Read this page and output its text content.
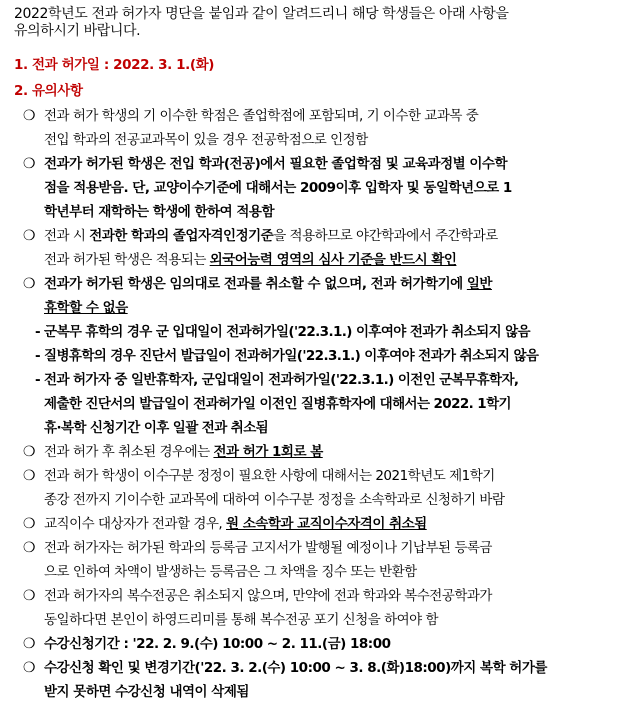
2022학년도 전과 허가자 명단을 붙임과 같이 알려드리니 해당 학생들은 아래 사항을
유의하시기 바랍니다.
1. 전과 허가일 : 2022. 3. 1.(화)
2. 유의사항
❍ 전과 허가 학생의 기 이수한 학점은 졸업학점에 포함되며, 기 이수한 교과목 중
전입 학과의 전공교과목이 있을 경우 전공학점으로 인정함
❍ 전과가 허가된 학생은 전입 학과(전공)에서 필요한 졸업학점 및 교육과정별 이수학
점을 적용받음. 단, 교양이수기준에 대해서는 2009이후 입학자 및 동일학년으로 1
학년부터 재학하는 학생에 한하여 적용함
❍ 전과 시 전과한 학과의 졸업자격인정기준을 적용하므로 야간학과에서 주간학과로
전과 허가된 학생은 적용되는 외국어능력 영역의 심사 기준을 반드시 확인
❍ 전과가 허가된 학생은 임의대로 전과를 취소할 수 없으며, 전과 허가학기에 일반
휴학할 수 없음
- 군복무 휴학의 경우 군 입대일이 전과허가일('22.3.1.) 이후여야 전과가 취소되지 않음
- 질병휴학의 경우 진단서 발급일이 전과허가일('22.3.1.) 이후여야 전과가 취소되지 않음
- 전과 허가자 중 일반휴학자, 군입대일이 전과허가일('22.3.1.) 이전인 군복무휴학자,
제출한 진단서의 발급일이 전과허가일 이전인 질병휴학자에 대해서는 2022. 1학기
휴·복학 신청기간 이후 일괄 전과 취소됨
❍ 전과 허가 후 취소된 경우에는 전과 허가 1회로 봄
❍ 전과 허가 학생이 이수구분 정정이 필요한 사항에 대해서는 2021학년도 제1학기
종강 전까지 기이수한 교과목에 대하여 이수구분 정정을 소속학과로 신청하기 바람
❍ 교직이수 대상자가 전과할 경우, 원 소속학과 교직이수자격이 취소됨
❍ 전과 허가자는 허가된 학과의 등록금 고지서가 발행될 예정이나 기납부된 등록금
으로 인하여 차액이 발생하는 등록금은 그 차액을 징수 또는 반환함
❍ 전과 허가자의 복수전공은 취소되지 않으며, 만약에 전과 학과와 복수전공학과가
동일하다면 본인이 하영드리미를 통해 복수전공 포기 신청을 하여야 함
❍ 수강신청기간 : '22. 2. 9.(수) 10:00 ~ 2. 11.(금) 18:00
❍ 수강신청 확인 및 변경기간('22. 3. 2.(수) 10:00 ~ 3. 8.(화)18:00)까지 복학 허가를
받지 못하면 수강신청 내역이 삭제됨
